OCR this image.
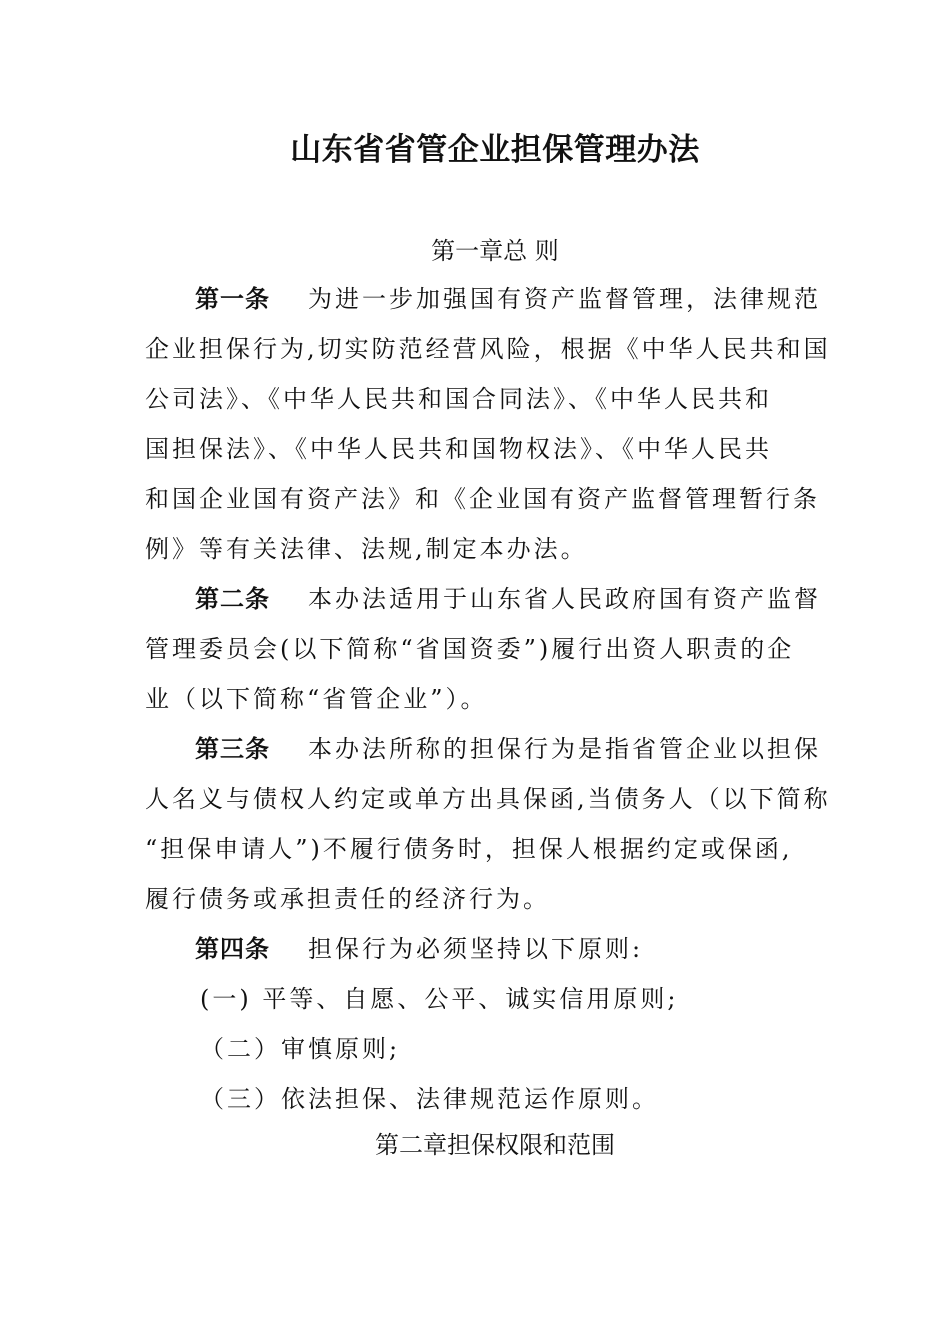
山东省省管企业担保管理办法
第一章总 则
第一条 为进一步加强国有资产监督管理，法律规范
企业担保行为,切实防范经营风险，根据《中华人民共和国
公司法》、《中华人民共和国合同法》、《中华人民共和
国担保法》、《中华人民共和国物权法》、《中华人民共
和国企业国有资产法》和《企业国有资产监督管理暂行条
例》等有关法律、法规,制定本办法。
第二条 本办法适用于山东省人民政府国有资产监督
管理委员会(以下简称“省国资委”)履行出资人职责的企
业（以下简称“省管企业”）。
第三条 本办法所称的担保行为是指省管企业以担保
人名义与债权人约定或单方出具保函,当债务人（以下简称
“担保申请人”)不履行债务时，担保人根据约定或保函,
履行债务或承担责任的经济行为。
第四条 担保行为必须坚持以下原则:
(一) 平等、自愿、公平、诚实信用原则;
（二）审慎原则;
（三）依法担保、法律规范运作原则。
第二章担保权限和范围
